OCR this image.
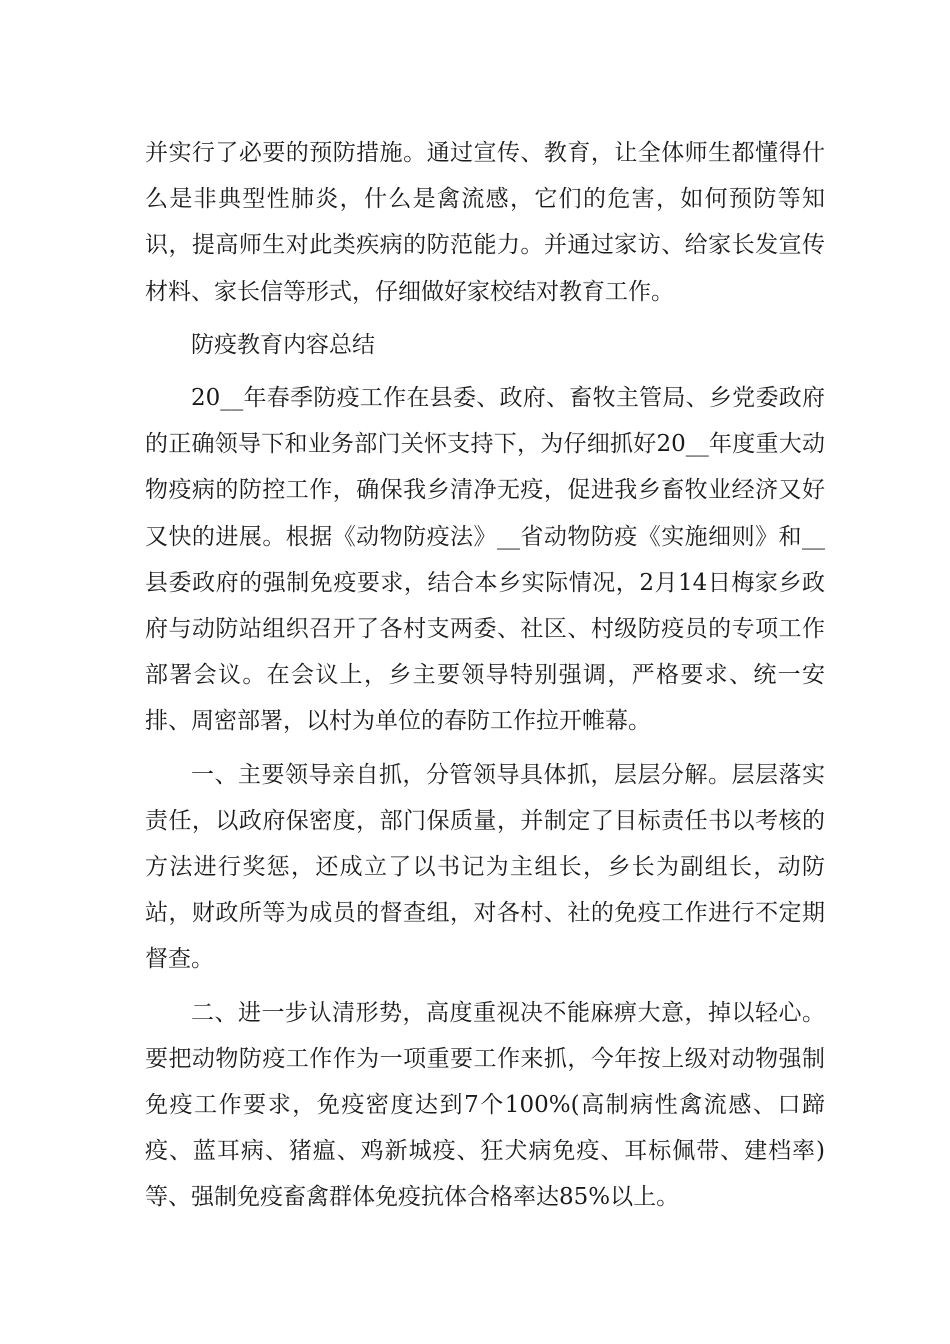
并实行了必要的预防措施。通过宣传、教育，让全体师生都懂得什么是非典型性肺炎，什么是禽流感，它们的危害，如何预防等知识，提高师生对此类疾病的防范能力。并通过家访、给家长发宣传材料、家长信等形式，仔细做好家校结对教育工作。

防疫教育内容总结

20__年春季防疫工作在县委、政府、畜牧主管局、乡党委政府的正确领导下和业务部门关怀支持下，为仔细抓好20__年度重大动物疫病的防控工作，确保我乡清净无疫，促进我乡畜牧业经济又好又快的进展。根据《动物防疫法》__省动物防疫《实施细则》和__县委政府的强制免疫要求，结合本乡实际情况，2月14日梅家乡政府与动防站组织召开了各村支两委、社区、村级防疫员的专项工作部署会议。在会议上，乡主要领导特别强调，严格要求、统一安排、周密部署，以村为单位的春防工作拉开帷幕。

一、主要领导亲自抓，分管领导具体抓，层层分解。层层落实责任，以政府保密度，部门保质量，并制定了目标责任书以考核的方法进行奖惩，还成立了以书记为主组长，乡长为副组长，动防站，财政所等为成员的督查组，对各村、社的免疫工作进行不定期督查。

二、进一步认清形势，高度重视决不能麻痹大意，掉以轻心。要把动物防疫工作作为一项重要工作来抓，今年按上级对动物强制免疫工作要求，免疫密度达到7个100%(高制病性禽流感、口蹄疫、蓝耳病、猪瘟、鸡新城疫、狂犬病免疫、耳标佩带、建档率)等、强制免疫畜禽群体免疫抗体合格率达85%以上。
